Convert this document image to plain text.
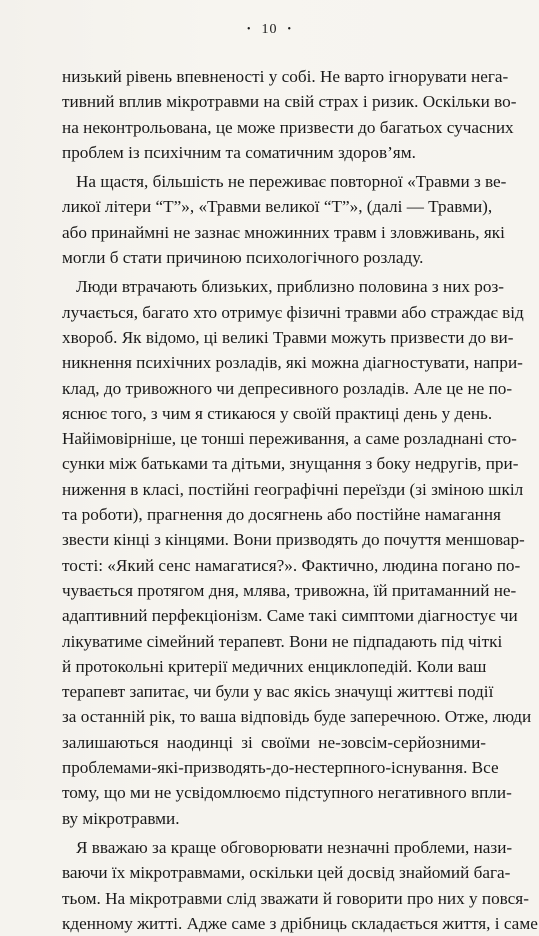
• 10 •
низький рівень впевненості у собі. Не варто ігнорувати нега-
тивний вплив мікротравми на свій страх і ризик. Оскільки во-
на неконтрольована, це може призвести до багатьох сучасних
проблем із психічним та соматичним здоров’ям.
На щастя, більшість не переживає повторної «Травми з ве-
ликої літери “Т”», «Травми великої “Т”», (далі — Травми),
або принаймні не зазнає множинних травм і зловживань, які
могли б стати причиною психологічного розладу.
Люди втрачають близьких, приблизно половина з них роз-
лучається, багато хто отримує фізичні травми або страждає від
хвороб. Як відомо, ці великі Травми можуть призвести до ви-
никнення психічних розладів, які можна діагностувати, напри-
клад, до тривожного чи депресивного розладів. Але це не по-
яснює того, з чим я стикаюся у своїй практиці день у день.
Найімовірніше, це тонші переживання, а саме розладнані сто-
сунки між батьками та дітьми, знущання з боку недругів, при-
ниження в класі, постійні географічні переїзди (зі зміною шкіл
та роботи), прагнення до досягнень або постійне намагання
звести кінці з кінцями. Вони призводять до почуття меншовар-
тості: «Який сенс намагатися?». Фактично, людина погано по-
чувається протягом дня, млява, тривожна, їй притаманний не-
адаптивний перфекціонізм. Саме такі симптоми діагностує чи
лікуватиме сімейний терапевт. Вони не підпадають під чіткі
й протокольні критерії медичних енциклопедій. Коли ваш
терапевт запитає, чи були у вас якісь значущі життєві події
за останній рік, то ваша відповідь буде заперечною. Отже, люди
залишаються наодинці зі своїми не-зовсім-серйозними-
проблемами-які-призводять-до-нестерпного-існування. Все
тому, що ми не усвідомлюємо підступного негативного впли-
ву мікротравми.
Я вважаю за краще обговорювати незначні проблеми, нази-
ваючи їх мікротравмами, оскільки цей досвід знайомий бага-
тьом. На мікротравми слід зважати й говорити про них у повся-
кденному житті. Адже саме з дрібниць складається життя, і саме
